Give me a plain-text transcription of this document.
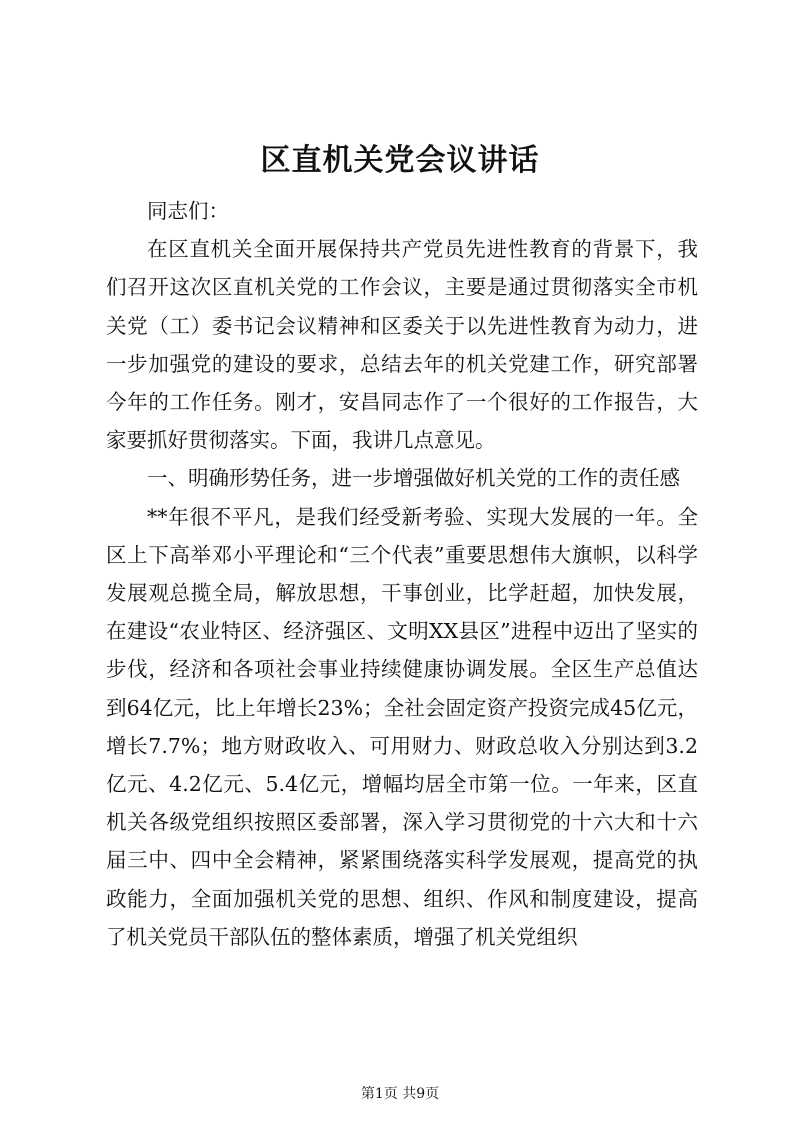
区直机关党会议讲话

同志们：

在区直机关全面开展保持共产党员先进性教育的背景下，我们召开这次区直机关党的工作会议，主要是通过贯彻落实全市机关党（工）委书记会议精神和区委关于以先进性教育为动力，进一步加强党的建设的要求，总结去年的机关党建工作，研究部署今年的工作任务。刚才，安昌同志作了一个很好的工作报告，大家要抓好贯彻落实。下面，我讲几点意见。

一、明确形势任务，进一步增强做好机关党的工作的责任感

**年很不平凡，是我们经受新考验、实现大发展的一年。全区上下高举邓小平理论和“三个代表”重要思想伟大旗帜，以科学发展观总揽全局，解放思想，干事创业，比学赶超，加快发展，在建设“农业特区、经济强区、文明XX县区”进程中迈出了坚实的步伐，经济和各项社会事业持续健康协调发展。全区生产总值达到64亿元，比上年增长23%；全社会固定资产投资完成45亿元，增长7.7%；地方财政收入、可用财力、财政总收入分别达到3.2亿元、4.2亿元、5.4亿元，增幅均居全市第一位。一年来，区直机关各级党组织按照区委部署，深入学习贯彻党的十六大和十六届三中、四中全会精神，紧紧围绕落实科学发展观，提高党的执政能力，全面加强机关党的思想、组织、作风和制度建设，提高了机关党员干部队伍的整体素质，增强了机关党组织

第1页 共9页
